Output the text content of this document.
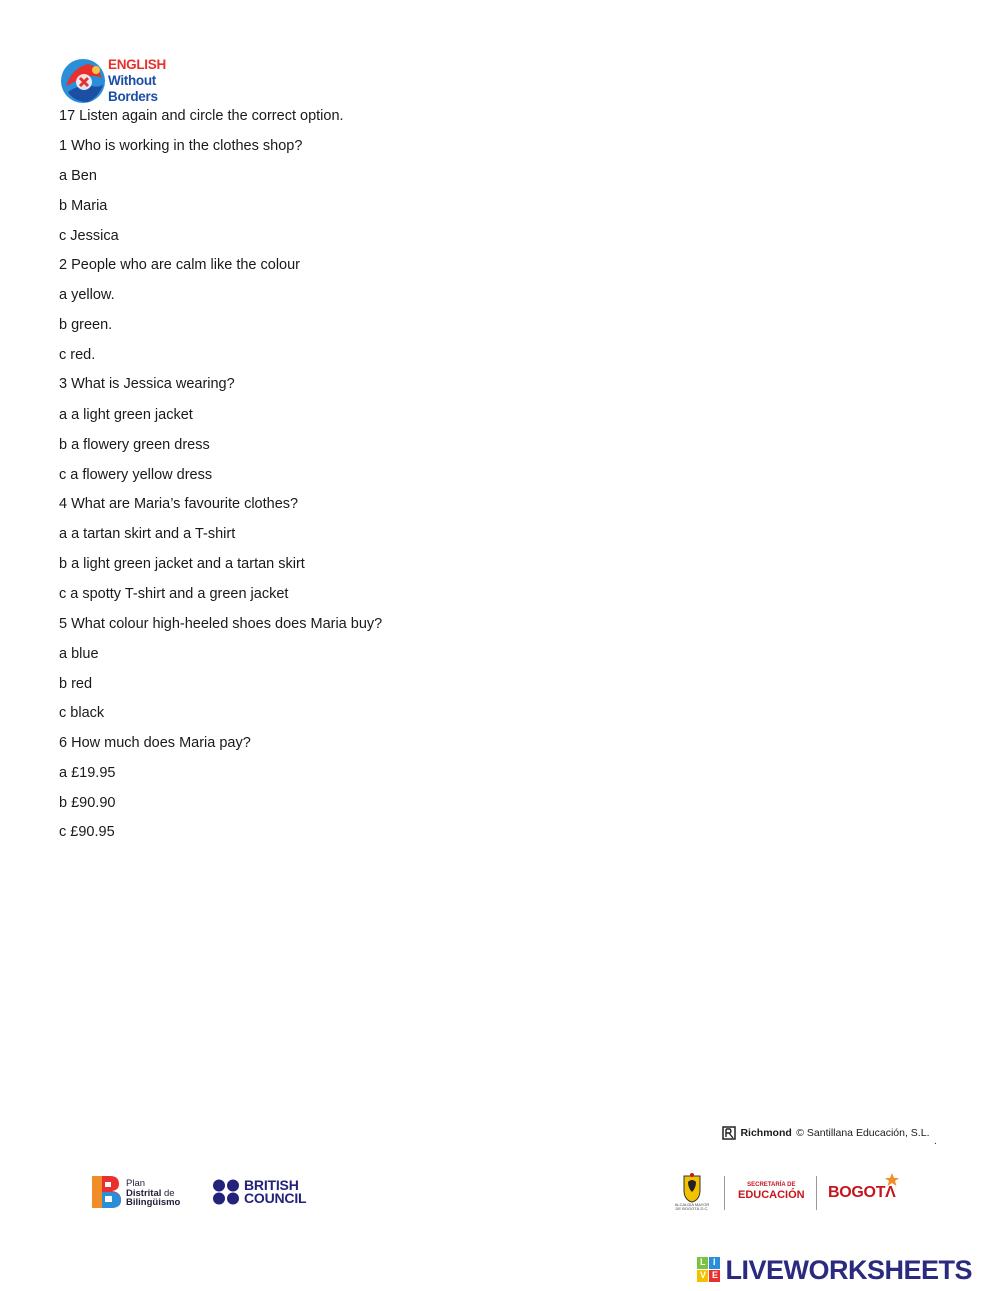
ENGLISH
Without
Borders
17 Listen again and circle the correct option.
1 Who is working in the clothes shop?
a Ben
b Maria
c Jessica
2 People who are calm like the colour
a yellow.
b green.
c red.
3 What is Jessica wearing?
a a light green jacket
b a flowery green dress
c a flowery yellow dress
4 What are Maria’s favourite clothes?
a a tartan skirt and a T-shirt
b a light green jacket and a tartan skirt
c a spotty T-shirt and a green jacket
5 What colour high-heeled shoes does Maria buy?
a blue
b red
c black
6 How much does Maria pay?
a £19.95
b £90.90
c £90.95
Richmond © Santillana Educación, S.L.
.
Plan
Distrital de
Bilingüismo
BRITISH
COUNCIL	ALCALDÍA MAYOR
DE BOGOTÁ D.C.
SECRETARÍA DE
EDUCACIÓN BOGOTΛ
L I
V E LIVEWORKSHEETS
